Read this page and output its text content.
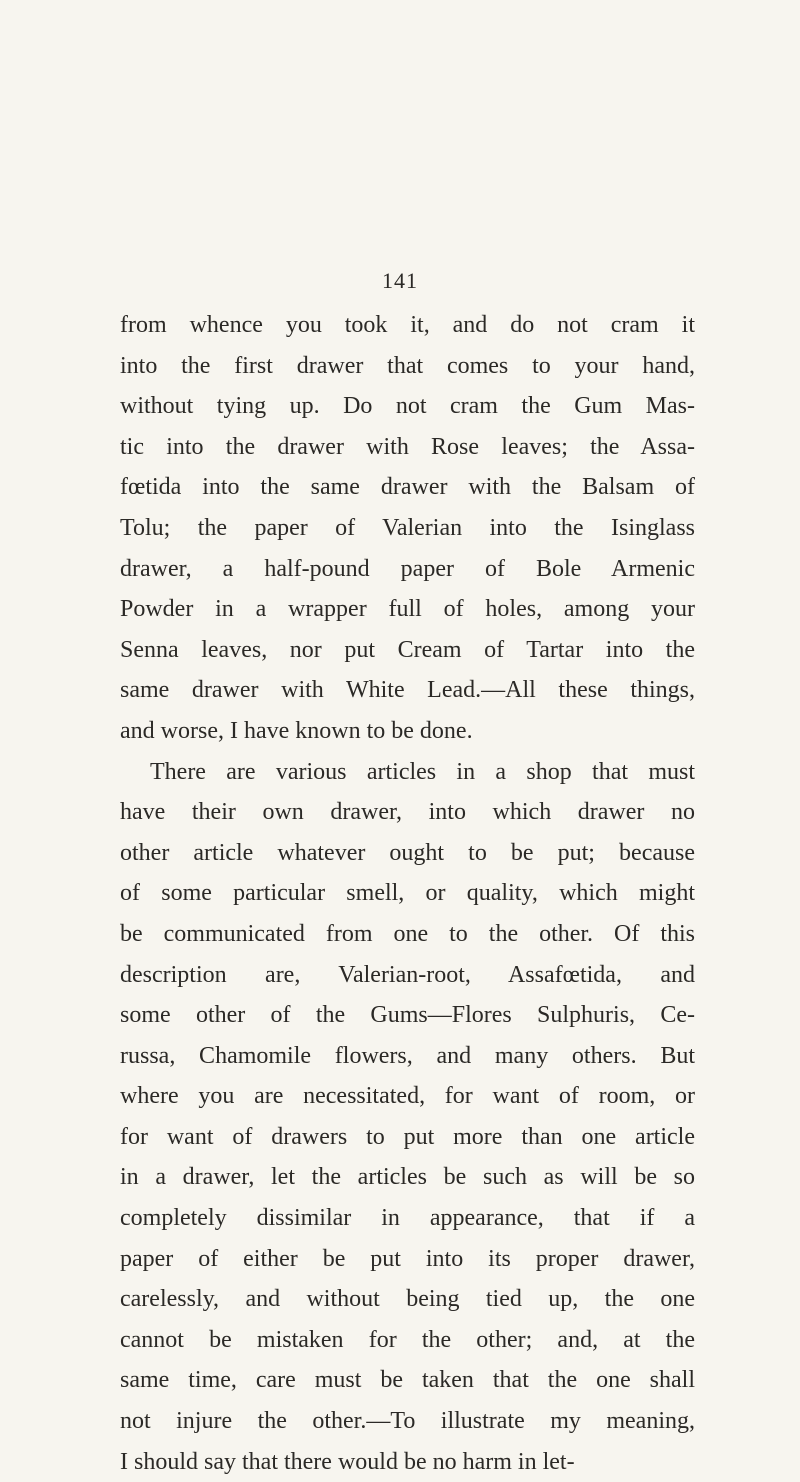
141
from whence you took it, and do not cram it
into the first drawer that comes to your hand,
without tying up. Do not cram the Gum Mas-
tic into the drawer with Rose leaves; the Assa-
fœtida into the same drawer with the Balsam of
Tolu; the paper of Valerian into the Isinglass
drawer, a half-pound paper of Bole Armenic
Powder in a wrapper full of holes, among your
Senna leaves, nor put Cream of Tartar into the
same drawer with White Lead.—All these things,
and worse, I have known to be done.
There are various articles in a shop that must
have their own drawer, into which drawer no
other article whatever ought to be put; because
of some particular smell, or quality, which might
be communicated from one to the other. Of this
description are, Valerian-root, Assafœtida, and
some other of the Gums—Flores Sulphuris, Ce-
russa, Chamomile flowers, and many others. But
where you are necessitated, for want of room, or
for want of drawers to put more than one article
in a drawer, let the articles be such as will be so
completely dissimilar in appearance, that if a
paper of either be put into its proper drawer,
carelessly, and without being tied up, the one
cannot be mistaken for the other; and, at the
same time, care must be taken that the one shall
not injure the other.—To illustrate my meaning,
I should say that there would be no harm in let-
